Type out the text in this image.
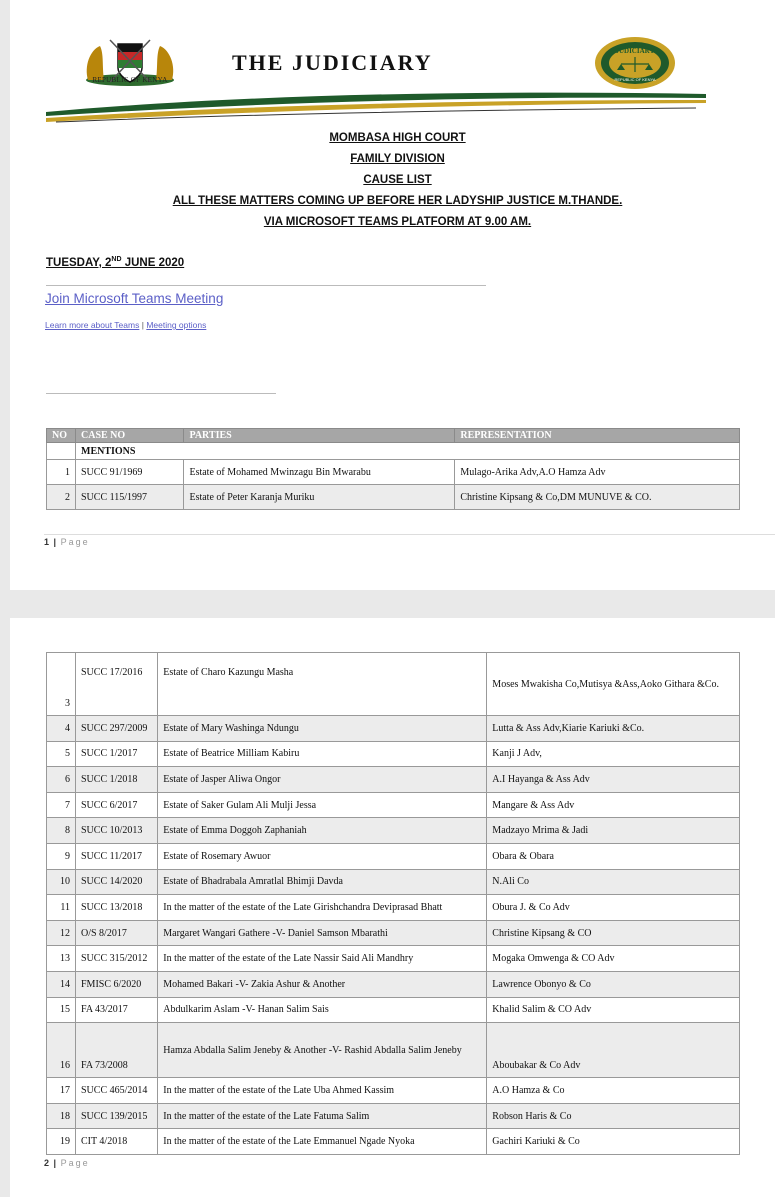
REPUBLIC OF KENYA
THE JUDICIARY	JUDICIARY
REPUBLIC OF KENYA
MOMBASA HIGH COURT
FAMILY DIVISION
CAUSE LIST
ALL THESE MATTERS COMING UP BEFORE HER LADYSHIP JUSTICE M.THANDE.
VIA MICROSOFT TEAMS PLATFORM AT 9.00 AM.
TUESDAY, 2ND JUNE 2020
Join Microsoft Teams Meeting
Learn more about Teams | Meeting options
NO	CASE NO	PARTIES	REPRESENTATION
	MENTIONS		
1	SUCC 91/1969	Estate of Mohamed Mwinzagu Bin Mwarabu	Mulago-Arika Adv,A.O Hamza Adv
2	SUCC 115/1997	Estate of Peter Karanja Muriku	Christine Kipsang & Co,DM MUNUVE & CO.
1 | Page
3	SUCC 17/2016	Estate of Charo Kazungu Masha	Moses Mwakisha Co,Mutisya &Ass,Aoko Githara &Co.
4	SUCC 297/2009	Estate of Mary Washinga Ndungu	Lutta & Ass Adv,Kiarie Kariuki &Co.
5	SUCC 1/2017	Estate of Beatrice Milliam Kabiru	Kanji J Adv,
6	SUCC 1/2018	Estate of Jasper Aliwa Ongor	A.I Hayanga & Ass Adv
7	SUCC 6/2017	Estate of Saker Gulam Ali Mulji Jessa	Mangare & Ass Adv
8	SUCC 10/2013	Estate of Emma Doggoh Zaphaniah	Madzayo Mrima & Jadi
9	SUCC 11/2017	Estate of Rosemary Awuor	Obara & Obara
10	SUCC 14/2020	Estate of Bhadrabala Amratlal Bhimji Davda	N.Ali Co
11	SUCC 13/2018	In the matter of the estate of the Late Girishchandra Deviprasad Bhatt	Obura J. & Co Adv
12	O/S 8/2017	Margaret Wangari Gathere -V- Daniel Samson Mbarathi	Christine Kipsang & CO
13	SUCC 315/2012	In the matter of the estate of the Late Nassir Said Ali Mandhry	Mogaka Omwenga & CO Adv
14	FMISC 6/2020	Mohamed Bakari -V- Zakia Ashur & Another	Lawrence Obonyo & Co
15	FA 43/2017	Abdulkarim Aslam -V- Hanan Salim Sais	Khalid Salim & CO Adv
16	FA 73/2008	Hamza Abdalla Salim Jeneby & Another -V- Rashid Abdalla Salim Jeneby	Aboubakar & Co Adv
17	SUCC 465/2014	In the matter of the estate of the Late Uba Ahmed Kassim	A.O Hamza & Co
18	SUCC 139/2015	In the matter of the estate of the Late Fatuma Salim	Robson Haris & Co
19	CIT 4/2018	In the matter of the estate of the Late Emmanuel Ngade Nyoka	Gachiri Kariuki & Co
2 | Page
